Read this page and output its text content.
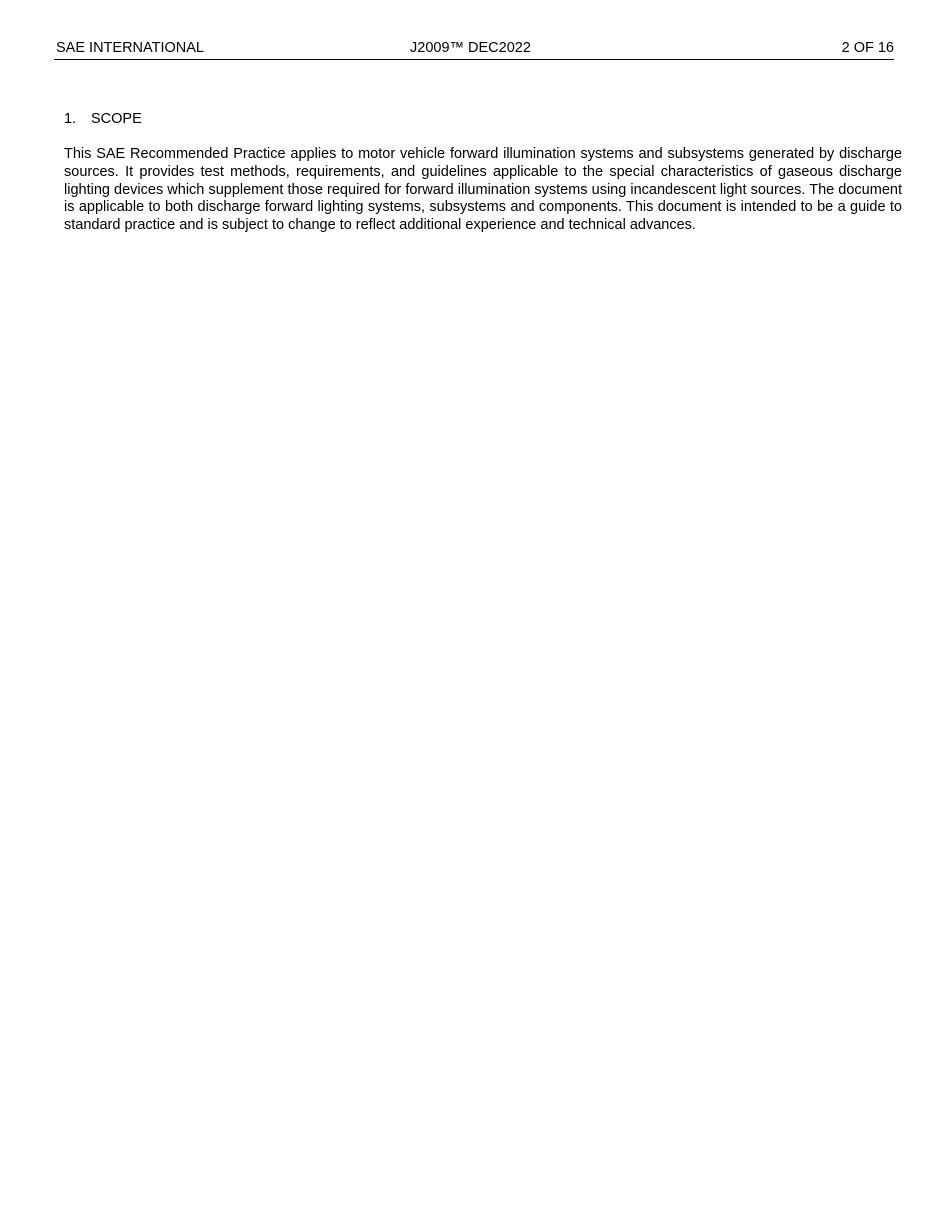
SAE INTERNATIONAL	J2009™ DEC2022	2 OF 16
1. SCOPE
This SAE Recommended Practice applies to motor vehicle forward illumination systems and subsystems generated by discharge sources. It provides test methods, requirements, and guidelines applicable to the special characteristics of gaseous discharge lighting devices which supplement those required for forward illumination systems using incandescent light sources. The document is applicable to both discharge forward lighting systems, subsystems and components. This document is intended to be a guide to standard practice and is subject to change to reflect additional experience and technical advances.
